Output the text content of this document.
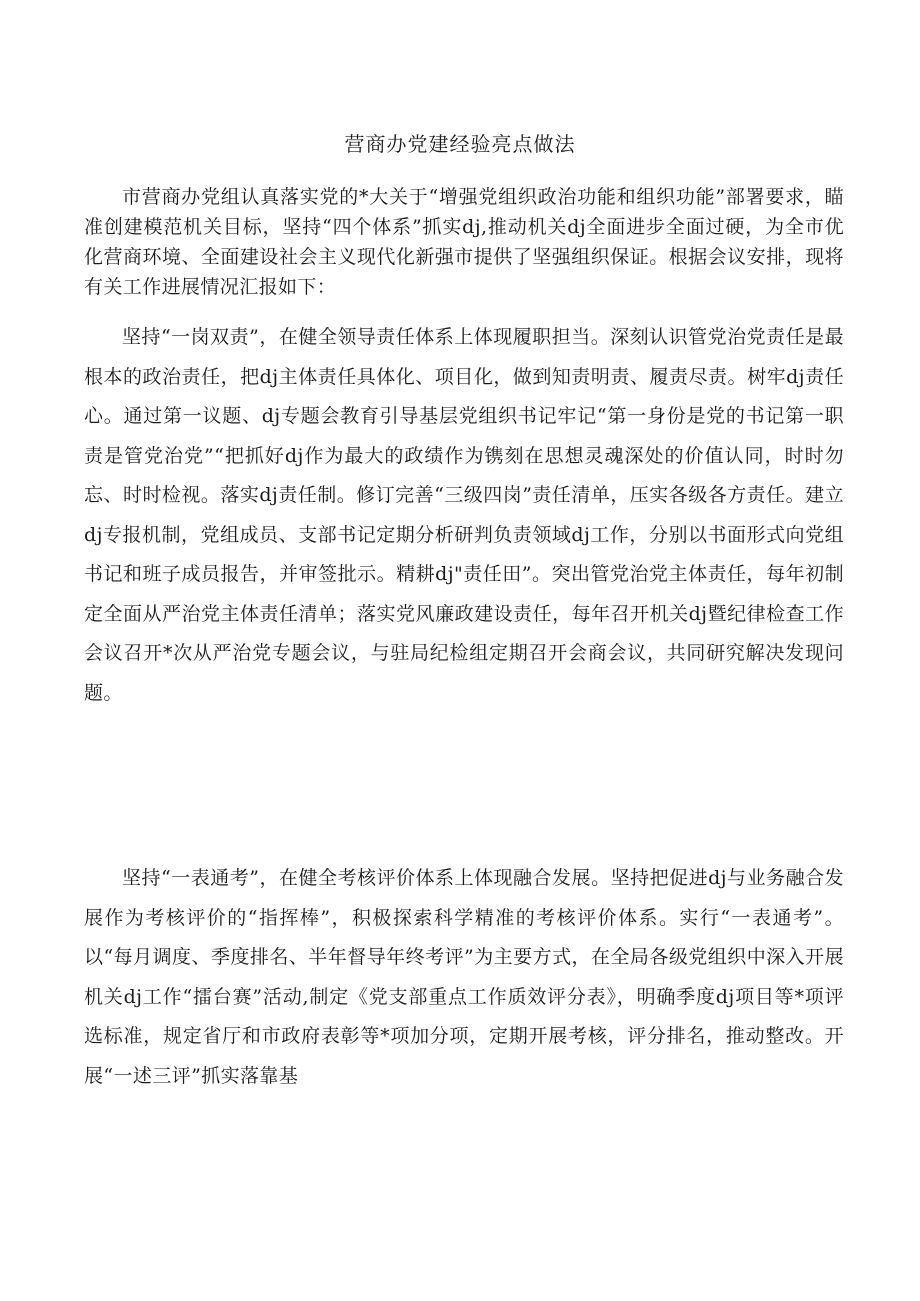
营商办党建经验亮点做法

市营商办党组认真落实党的*大关于“增强党组织政治功能和组织功能”部署要求，瞄准创建模范机关目标，坚持“四个体系”抓实dj,推动机关dj全面进步全面过硬，为全市优化营商环境、全面建设社会主义现代化新强市提供了坚强组织保证。根据会议安排，现将有关工作进展情况汇报如下：

坚持“一岗双责”，在健全领导责任体系上体现履职担当。深刻认识管党治党责任是最根本的政治责任，把dj主体责任具体化、项目化，做到知责明责、履责尽责。树牢dj责任心。通过第一议题、dj专题会教育引导基层党组织书记牢记“第一身份是党的书记第一职责是管党治党”“把抓好dj作为最大的政绩作为镌刻在思想灵魂深处的价值认同，时时勿忘、时时检视。落实dj责任制。修订完善“三级四岗”责任清单，压实各级各方责任。建立dj专报机制，党组成员、支部书记定期分析研判负责领域dj工作，分别以书面形式向党组书记和班子成员报告，并审签批示。精耕dj"责任田”。突出管党治党主体责任，每年初制定全面从严治党主体责任清单；落实党风廉政建设责任，每年召开机关dj暨纪律检查工作会议召开*次从严治党专题会议，与驻局纪检组定期召开会商会议，共同研究解决发现问题。

坚持“一表通考”，在健全考核评价体系上体现融合发展。坚持把促进dj与业务融合发展作为考核评价的“指挥棒”，积极探索科学精准的考核评价体系。实行“一表通考”。以“每月调度、季度排名、半年督导年终考评”为主要方式，在全局各级党组织中深入开展机关dj工作“擂台赛”活动,制定《党支部重点工作质效评分表》，明确季度dj项目等*项评选标准，规定省厅和市政府表彰等*项加分项，定期开展考核，评分排名，推动整改。开展“一述三评”抓实落靠基
